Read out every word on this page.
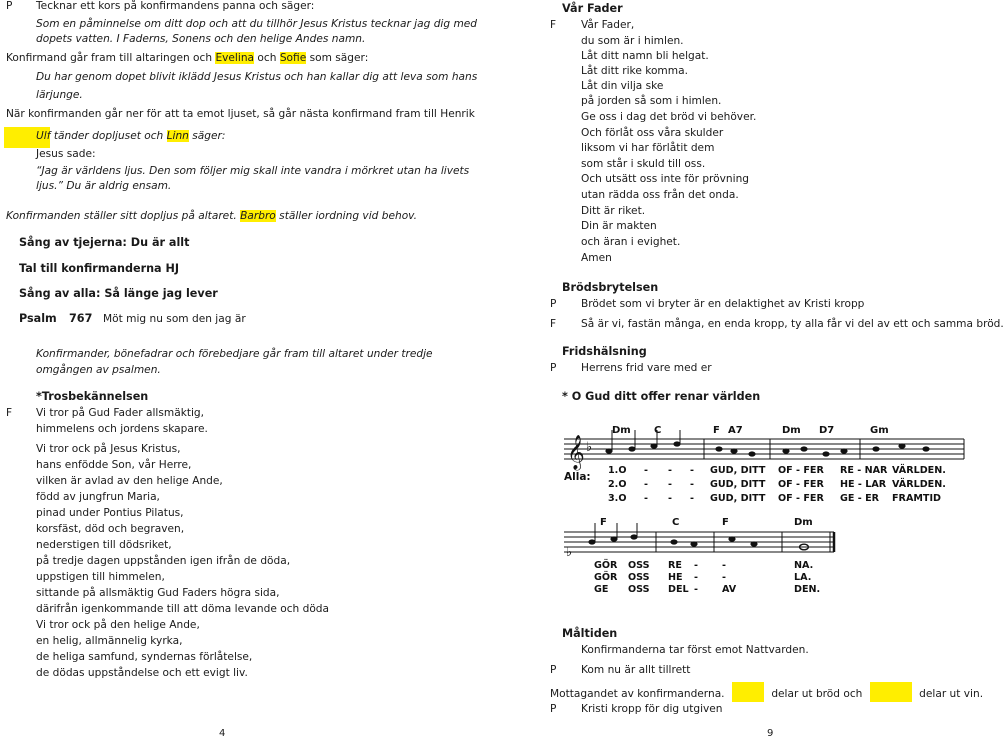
P Tecknar ett kors på konfirmandens panna och säger:
Som en påminnelse om ditt dop och att du tillhör Jesus Kristus tecknar jag dig med
dopets vatten. I Faderns, Sonens och den helige Andes namn.
Konfirmand går fram till altaringen och Evelina och Sofie som säger:
Du har genom dopet blivit iklädd Jesus Kristus och han kallar dig att leva som hans
lärjunge.
När konfirmanden går ner för att ta emot ljuset, så går nästa konfirmand fram till Henrik
Ulf tänder dopljuset och Linn säger:
Jesus sade:
“Jag är världens ljus. Den som följer mig skall inte vandra i mörkret utan ha livets
ljus.” Du är aldrig ensam.
Konfirmanden ställer sitt dopljus på altaret. Barbro ställer iordning vid behov.
Sång av tjejerna: Du är allt
Tal till konfirmanderna HJ
Sång av alla: Så länge jag lever
Psalm 767 Möt mig nu som den jag är
Konfirmander, bönefadrar och förebedjare går fram till altaret under tredje
omgången av psalmen.
*Trosbekännelsen
F Vi tror på Gud Fader allsmäktig,
himmelens och jordens skapare.
Vi tror ock på Jesus Kristus,
hans enfödde Son, vår Herre,
vilken är avlad av den helige Ande,
född av jungfrun Maria,
pinad under Pontius Pilatus,
korsfäst, död och begraven,
nederstigen till dödsriket,
på tredje dagen uppstånden igen ifrån de döda,
uppstigen till himmelen,
sittande på allsmäktig Gud Faders högra sida,
därifrån igenkommande till att döma levande och döda
Vi tror ock på den helige Ande,
en helig, allmännelig kyrka,
de heliga samfund, syndernas förlåtelse,
de dödas uppståndelse och ett evigt liv.
4
Vår Fader
F Vår Fader,
du som är i himlen.
Låt ditt namn bli helgat.
Låt ditt rike komma.
Låt din vilja ske
på jorden så som i himlen.
Ge oss i dag det bröd vi behöver.
Och förlåt oss våra skulder
liksom vi har förlåtit dem
som står i skuld till oss.
Och utsätt oss inte för prövning
utan rädda oss från det onda.
Ditt är riket.
Din är makten
och äran i evighet.
Amen
Brödsbrytelsen
P Brödet som vi bryter är en delaktighet av Kristi kropp
F Så är vi, fastän många, en enda kropp, ty alla får vi del av ett och samma bröd.
Fridshälsning
P Herrens frid vare med er
* O Gud ditt offer renar världen
Dm C	F A7	Dm D7	Gm
𝄞 ♭
Alla:
1.O - - - GUD, DITT OF - FER RE - NAR VÄRLDEN.
2.O - - - GUD, DITT OF - FER HE - LAR VÄRLDEN.
3.O - - - GUD, DITT OF - FER GE - ER FRAMTID
F	C	F	Dm
♭
GÖR OSS RE -	-	NA.
GÖR OSS HE -	-	LA.
GE OSS DEL -	AV	DEN.
Måltiden
Konfirmanderna tar först emot Nattvarden.
P Kom nu är allt tillrett
Mottagandet av konfirmanderna.	delar ut bröd och	delar ut vin.
P Kristi kropp för dig utgiven
9
